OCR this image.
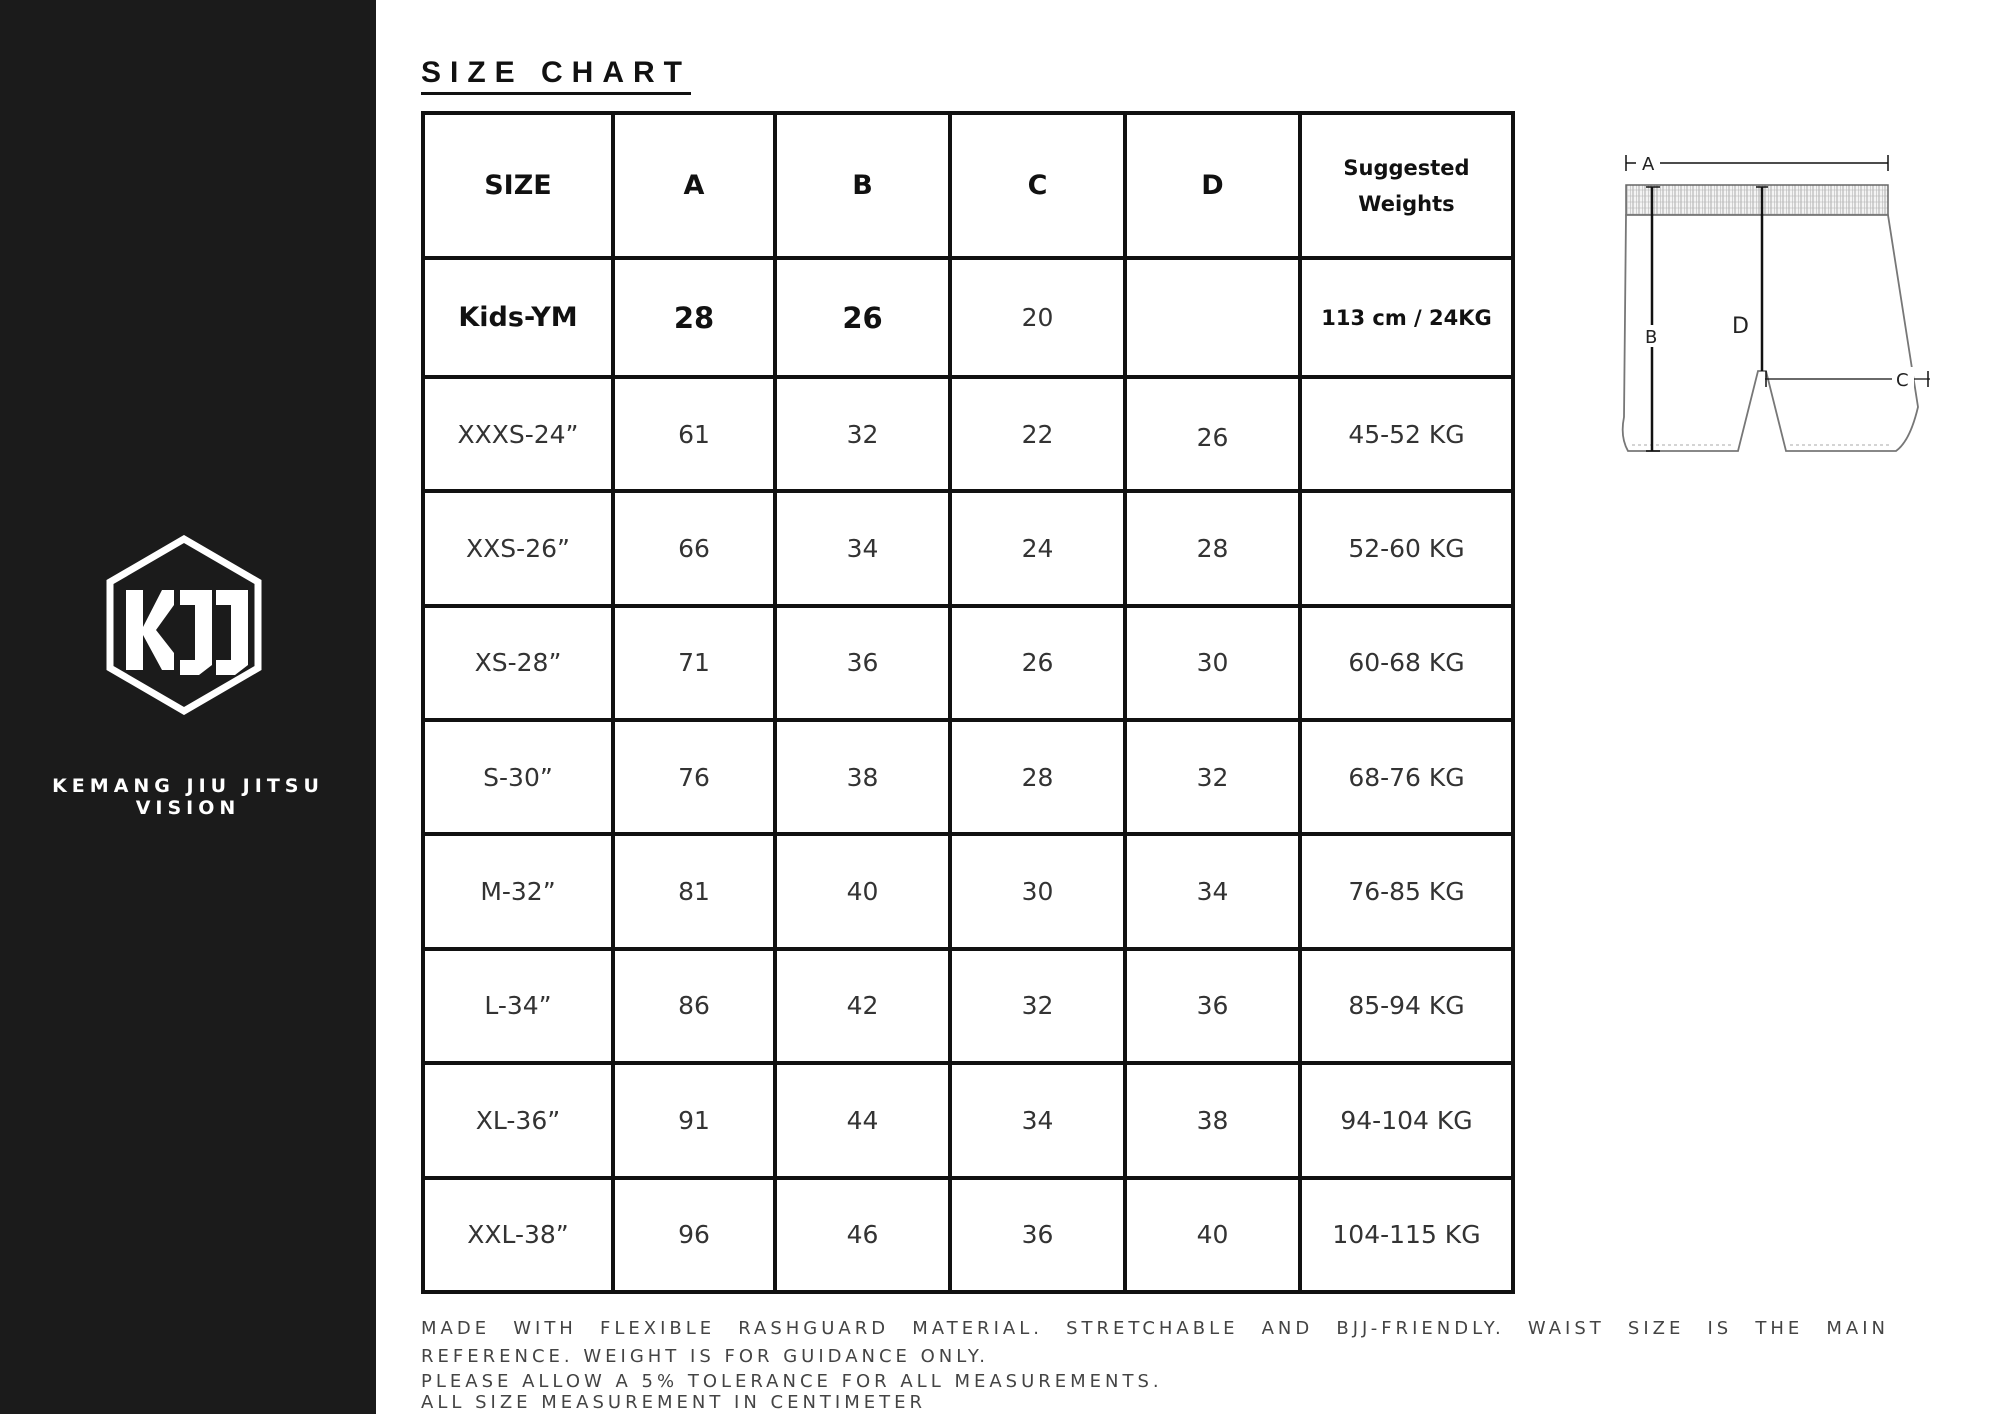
KEMANG JIU JITSU VISION
SIZE CHART
SIZE	A	B	C	D	Suggested
Weights
Kids-YM	28	26	20		113 cm / 24KG
XXXS-24”	61	32	22	26	45-52 KG
XXS-26”	66	34	24	28	52-60 KG
XS-28”	71	36	26	30	60-68 KG
S-30”	76	38	28	32	68-76 KG
M-32”	81	40	30	34	76-85 KG
L-34”	86	42	32	36	85-94 KG
XL-36”	91	44	34	38	94-104 KG
XXL-38”	96	46	36	40	104-115 KG
A
B	D
C
MADE WITH FLEXIBLE RASHGUARD MATERIAL. STRETCHABLE AND BJJ-FRIENDLY. WAIST SIZE IS THE MAIN REFERENCE. WEIGHT IS FOR GUIDANCE ONLY.
PLEASE ALLOW A 5% TOLERANCE FOR ALL MEASUREMENTS.
ALL SIZE MEASUREMENT IN CENTIMETER
